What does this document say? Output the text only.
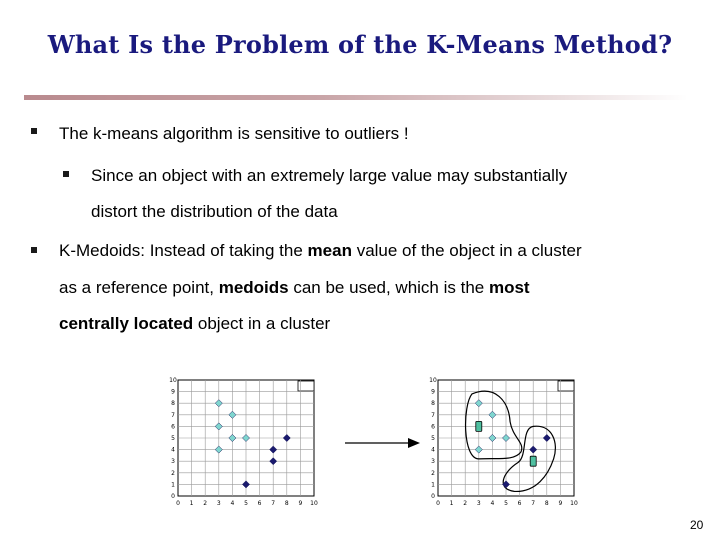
What Is the Problem of the K-Means Method?

The k-means algorithm is sensitive to outliers !

Since an object with an extremely large value may substantially

distort the distribution of the data

K-Medoids: Instead of taking the mean value of the object in a cluster

as a reference point, medoids can be used, which is the most

centrally located object in a cluster

0 1 2 3 4 5 6 7 8 9 10
0
1
2
3
4
5
6
7
8
9
10
0 1 2 3 4 5 6 7 8 9 10
0
1
2
3
4
5
6
7
8
9
10
20
